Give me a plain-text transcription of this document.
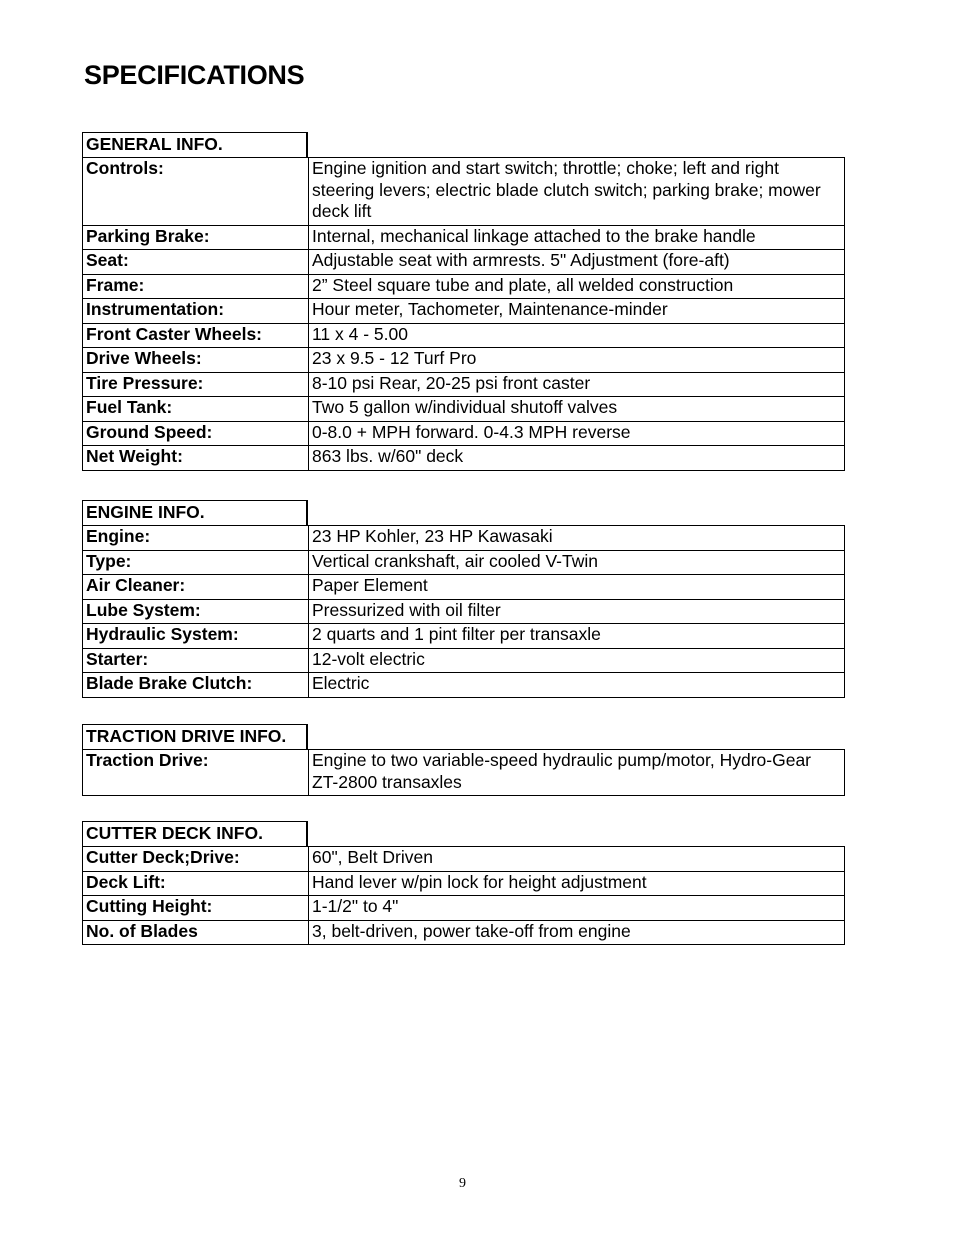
SPECIFICATIONS
GENERAL INFO.
Controls:	Engine ignition and start switch; throttle; choke; left and right steering levers; electric blade clutch switch; parking brake; mower deck lift
Parking Brake:	Internal, mechanical linkage attached to the brake handle
Seat:	Adjustable seat with armrests. 5" Adjustment (fore-aft)
Frame:	2” Steel square tube and plate, all welded construction
Instrumentation:	Hour meter, Tachometer, Maintenance-minder
Front Caster Wheels:	11 x 4 - 5.00
Drive Wheels:	23 x 9.5 - 12 Turf Pro
Tire Pressure:	8-10 psi Rear, 20-25 psi front caster
Fuel Tank:	Two 5 gallon w/individual shutoff valves
Ground Speed:	0-8.0 + MPH forward. 0-4.3 MPH reverse
Net Weight:	863 lbs. w/60" deck
ENGINE INFO.
Engine:	23 HP Kohler, 23 HP Kawasaki
Type:	Vertical crankshaft, air cooled V-Twin
Air Cleaner:	Paper Element
Lube System:	Pressurized with oil filter
Hydraulic System:	2 quarts and 1 pint filter per transaxle
Starter:	12-volt electric
Blade Brake Clutch:	Electric
TRACTION DRIVE INFO.
Traction Drive:	Engine to two variable-speed hydraulic pump/motor, Hydro-Gear ZT-2800 transaxles
CUTTER DECK INFO.
Cutter Deck;Drive:	60", Belt Driven
Deck Lift:	Hand lever w/pin lock for height adjustment
Cutting Height:	1-1/2" to 4"
No. of Blades	3, belt-driven, power take-off from engine
9
